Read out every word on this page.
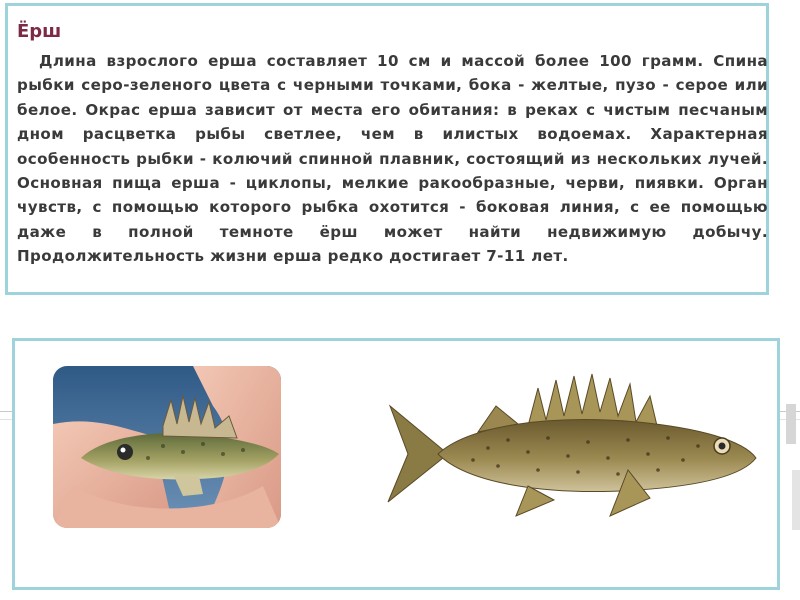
Ёрш

Длина взрослого ерша составляет 10 см и массой более 100 грамм. Спина рыбки серо-зеленого цвета с черными точками, бока - желтые, пузо - серое или белое. Окрас ерша зависит от места его обитания: в реках с чистым песчаным дном расцветка рыбы светлее, чем в илистых водоемах. Характерная особенность рыбки - колючий спинной плавник, состоящий из нескольких лучей. Основная пища ерша - циклопы, мелкие ракообразные, черви, пиявки. Орган чувств, с помощью которого рыбка охотится - боковая линия, с ее помощью даже в полной темноте ёрш может найти недвижимую добычу. Продолжительность жизни ерша редко достигает 7-11 лет.
